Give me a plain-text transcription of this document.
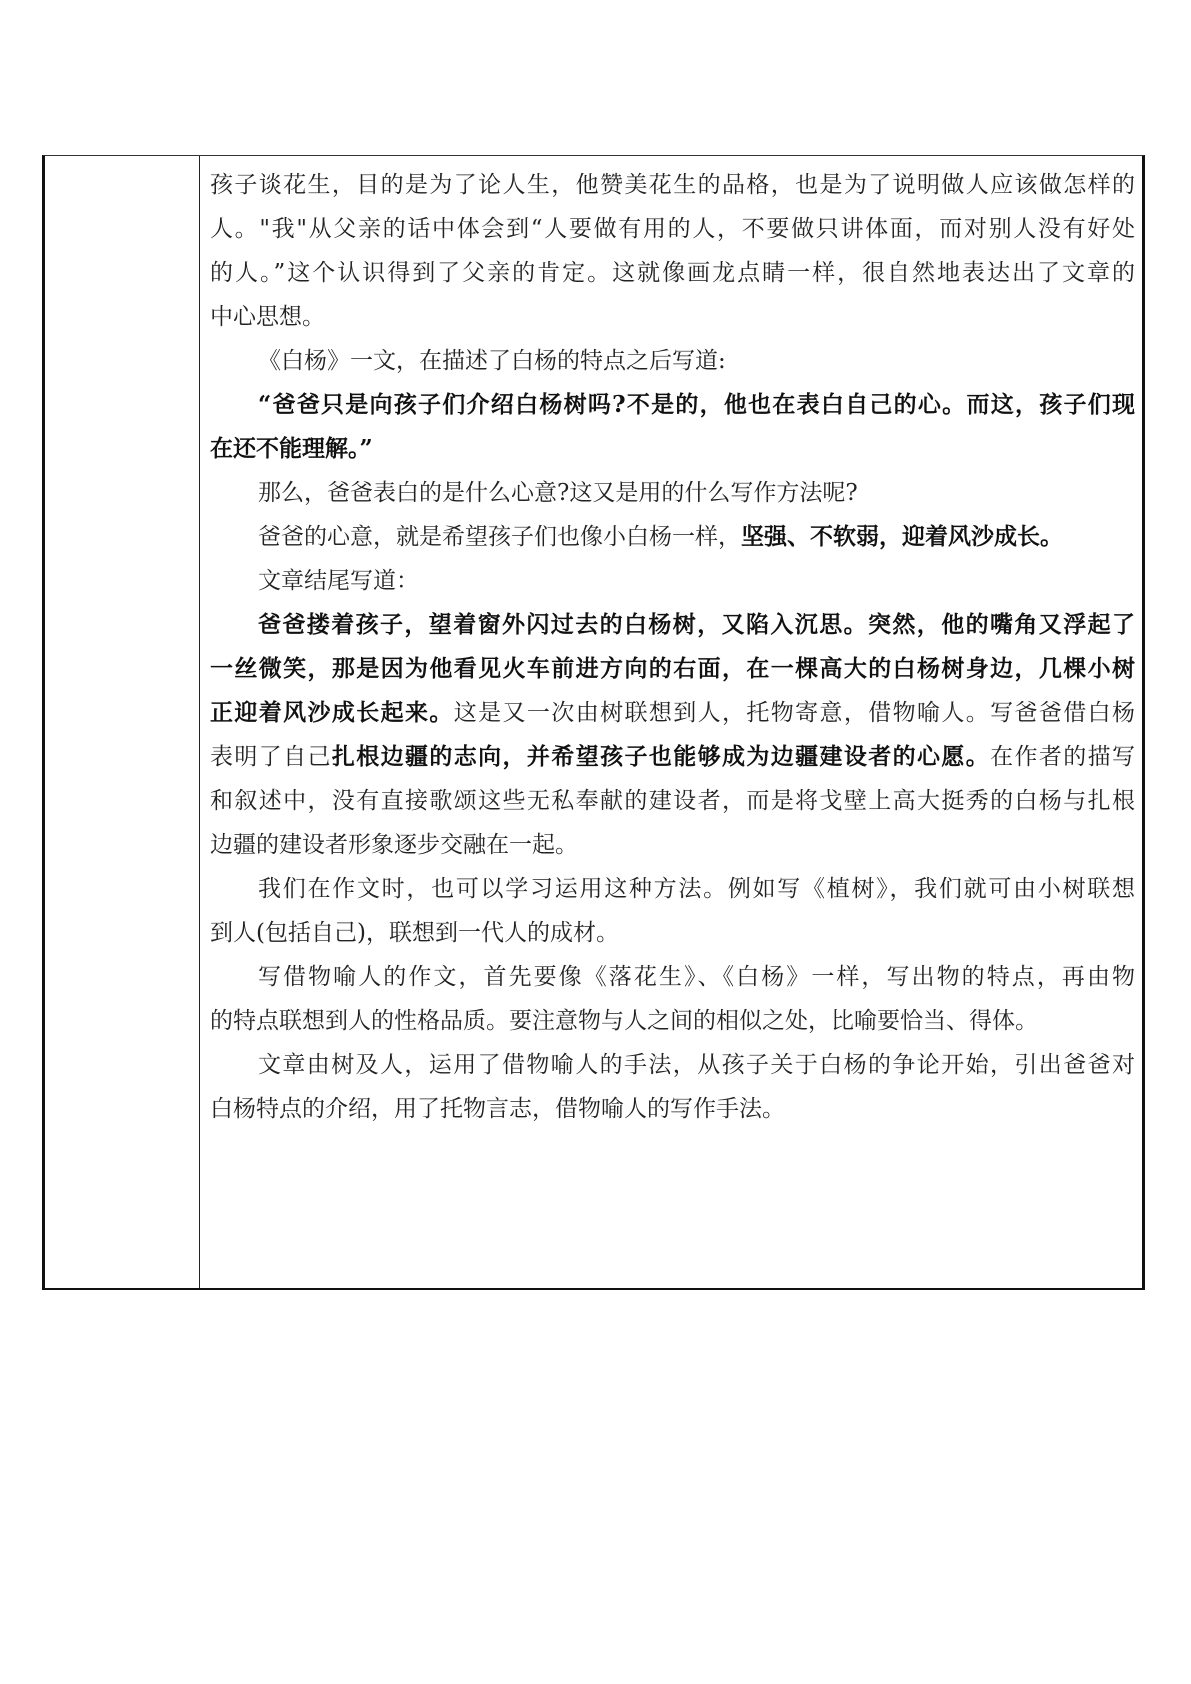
孩子谈花生，目的是为了论人生，他赞美花生的品格，也是为了说明做人应该做怎样的
人。"我"从父亲的话中体会到“人要做有用的人，不要做只讲体面，而对别人没有好处
的人。”这个认识得到了父亲的肯定。这就像画龙点睛一样，很自然地表达出了文章的
中心思想。
《白杨》一文，在描述了白杨的特点之后写道:
“爸爸只是向孩子们介绍白杨树吗?不是的，他也在表白自己的心。而这，孩子们现
在还不能理解。”
那么，爸爸表白的是什么心意?这又是用的什么写作方法呢?
爸爸的心意，就是希望孩子们也像小白杨一样，坚强、不软弱，迎着风沙成长。
文章结尾写道：
爸爸搂着孩子，望着窗外闪过去的白杨树，又陷入沉思。突然，他的嘴角又浮起了
一丝微笑，那是因为他看见火车前进方向的右面，在一棵高大的白杨树身边，几棵小树
正迎着风沙成长起来。这是又一次由树联想到人，托物寄意，借物喻人。写爸爸借白杨
表明了自己扎根边疆的志向，并希望孩子也能够成为边疆建设者的心愿。在作者的描写
和叙述中，没有直接歌颂这些无私奉献的建设者，而是将戈壁上高大挺秀的白杨与扎根
边疆的建设者形象逐步交融在一起。
我们在作文时，也可以学习运用这种方法。例如写《植树》，我们就可由小树联想
到人(包括自己)，联想到一代人的成材。
写借物喻人的作文，首先要像《落花生》、《白杨》一样，写出物的特点，再由物
的特点联想到人的性格品质。要注意物与人之间的相似之处，比喻要恰当、得体。
文章由树及人，运用了借物喻人的手法，从孩子关于白杨的争论开始，引出爸爸对
白杨特点的介绍，用了托物言志，借物喻人的写作手法。
